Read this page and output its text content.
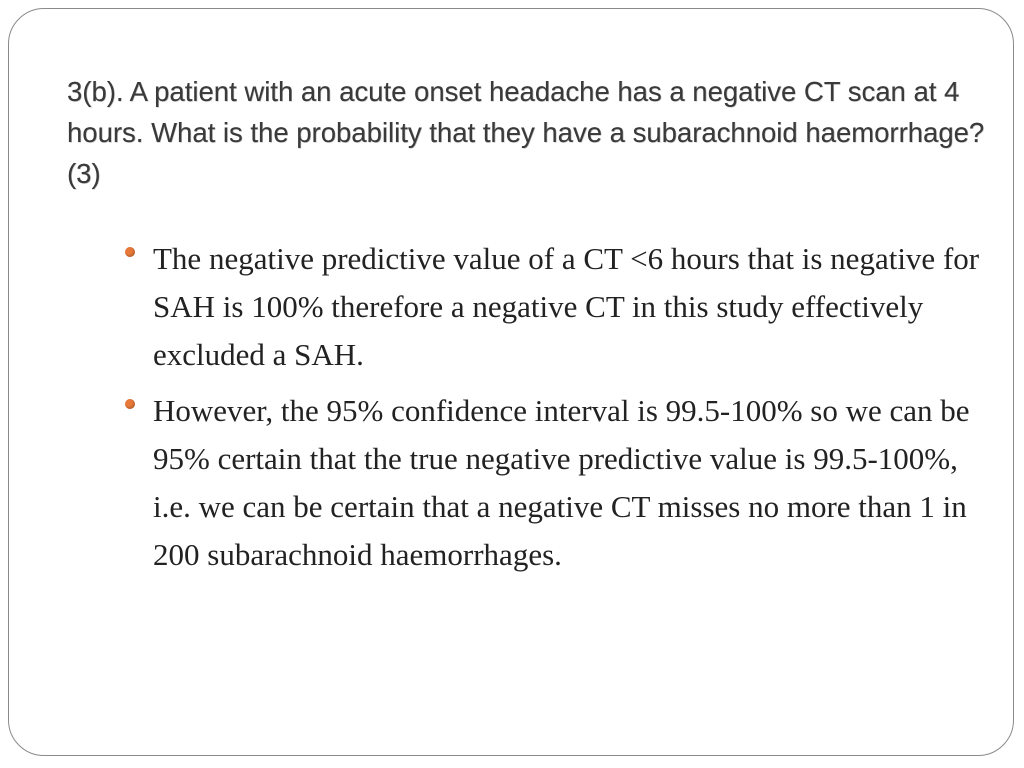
3(b). A patient with an acute onset headache has a negative CT scan at 4 hours. What is the probability that they have a subarachnoid haemorrhage? (3)
The negative predictive value of a CT <6 hours that is negative for SAH is 100% therefore a negative CT in this study effectively excluded a SAH.
However, the 95% confidence interval is 99.5-100% so we can be 95% certain that the true negative predictive value is 99.5-100%, i.e. we can be certain that a negative CT misses no more than 1 in 200 subarachnoid haemorrhages.
